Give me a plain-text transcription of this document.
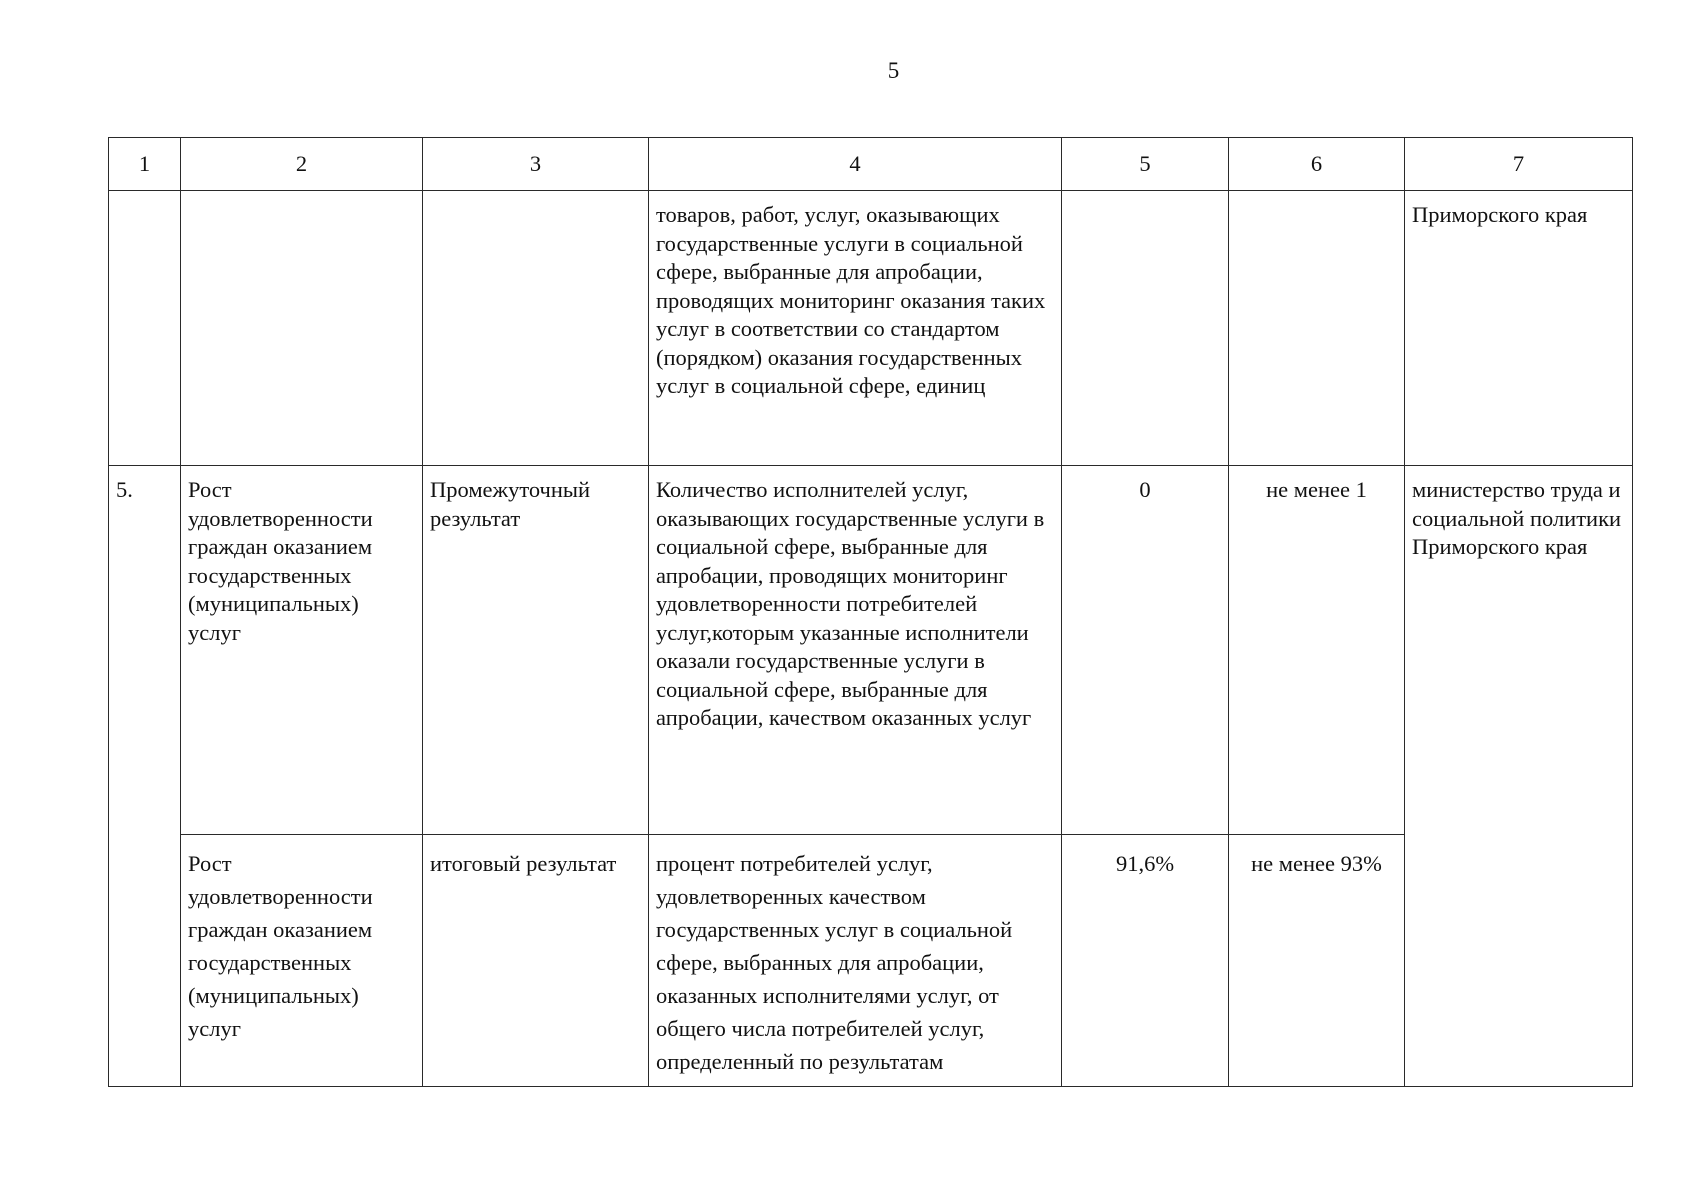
5
1	2	3	4	5	6	7
			товаров, работ, услуг, оказывающих государственные услуги в социальной сфере, выбранные для апробации, проводящих мониторинг оказания таких услуг в соответствии со стандартом (порядком) оказания государственных услуг в социальной сфере, единиц			Приморского края
5.	Рост удовлетворенности граждан оказанием государственных (муниципальных) услуг	Промежуточный результат	Количество исполнителей услуг, оказывающих государственные услуги в социальной сфере, выбранные для апробации, проводящих мониторинг удовлетворенности потребителей услуг,которым указанные исполнители оказали государственные услуги в социальной сфере, выбранные для апробации, качеством оказанных услуг	0	не менее 1	министерство труда и социальной политики Приморского края
	Рост удовлетворенности граждан оказанием государственных (муниципальных) услуг	итоговый результат	процент потребителей услуг, удовлетворенных качеством государственных услуг в социальной сфере, выбранных для апробации, оказанных исполнителями услуг, от общего числа потребителей услуг, определенный по результатам	91,6%	не менее 93%	
